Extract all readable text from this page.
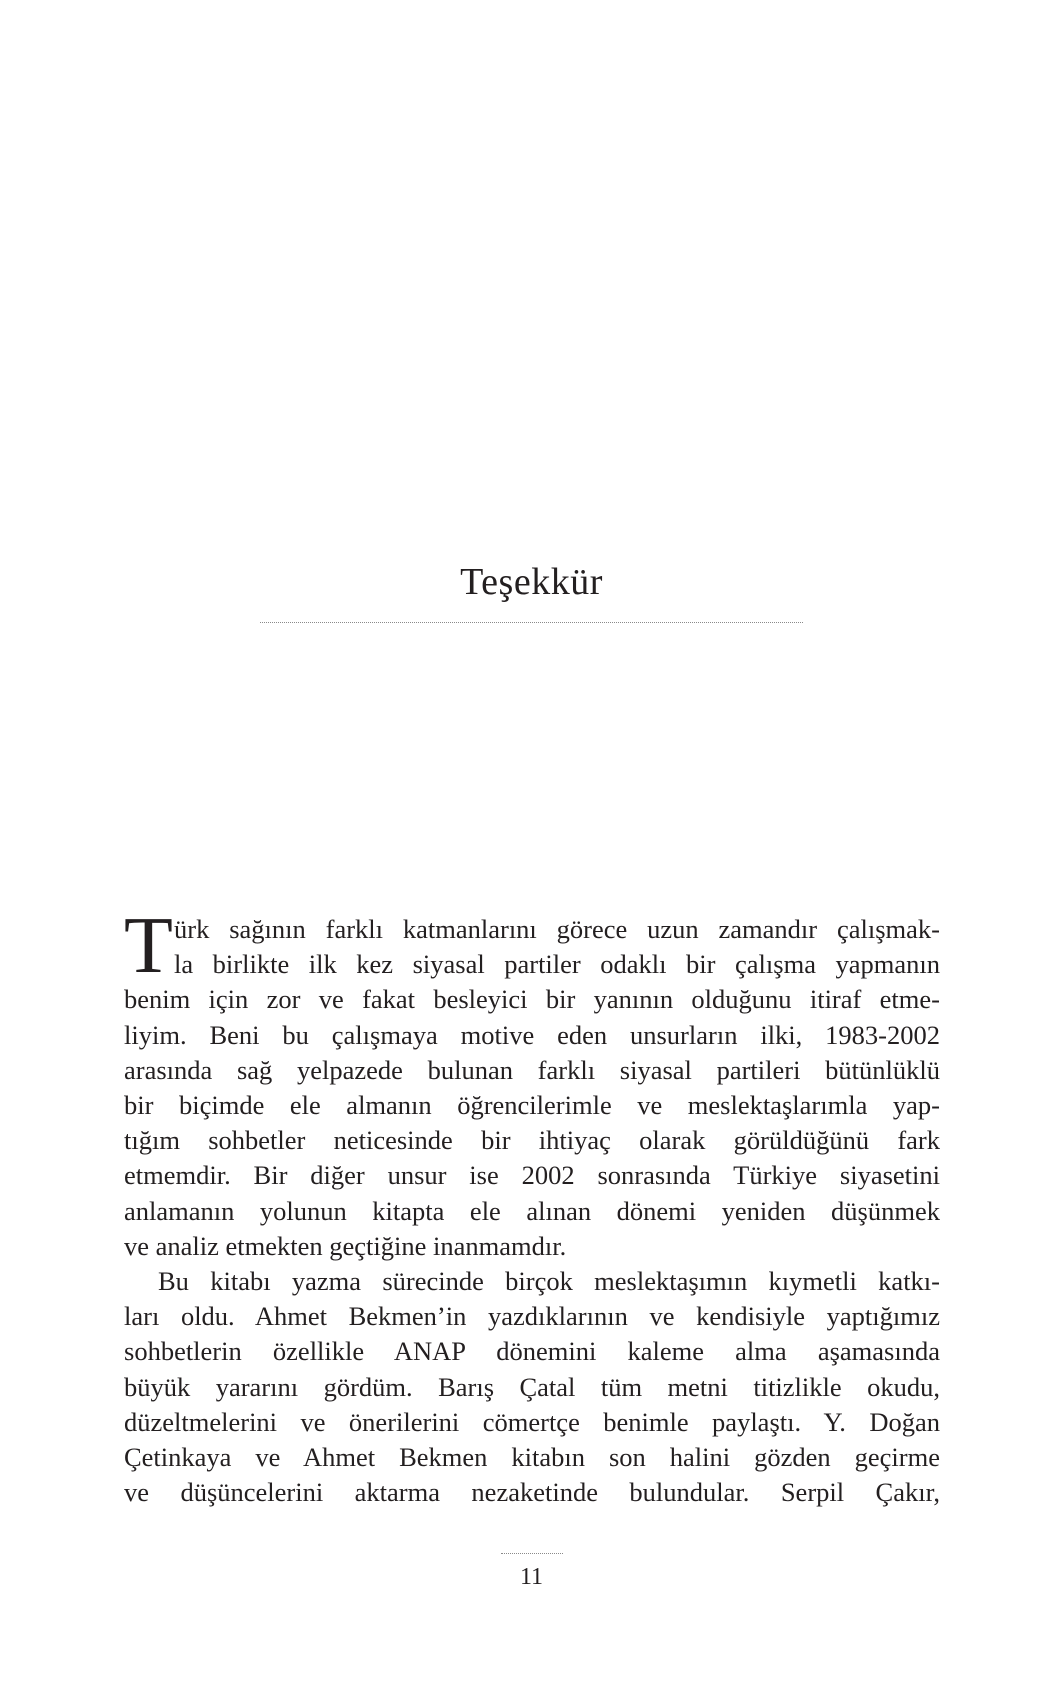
Teşekkür
T ürk sağının farklı katmanlarını görece uzun zamandır çalışmak-
la birlikte ilk kez siyasal partiler odaklı bir çalışma yapmanın
benim için zor ve fakat besleyici bir yanının olduğunu itiraf etme-
liyim. Beni bu çalışmaya motive eden unsurların ilki, 1983-2002
arasında sağ yelpazede bulunan farklı siyasal partileri bütünlüklü
bir biçimde ele almanın öğrencilerimle ve meslektaşlarımla yap-
tığım sohbetler neticesinde bir ihtiyaç olarak görüldüğünü fark
etmemdir. Bir diğer unsur ise 2002 sonrasında Türkiye siyasetini
anlamanın yolunun kitapta ele alınan dönemi yeniden düşünmek
ve analiz etmekten geçtiğine inanmamdır.

Bu kitabı yazma sürecinde birçok meslektaşımın kıymetli katkı-
ları oldu. Ahmet Bekmen’in yazdıklarının ve kendisiyle yaptığımız
sohbetlerin özellikle ANAP dönemini kaleme alma aşamasında
büyük yararını gördüm. Barış Çatal tüm metni titizlikle okudu,
düzeltmelerini ve önerilerini cömertçe benimle paylaştı. Y. Doğan
Çetinkaya ve Ahmet Bekmen kitabın son halini gözden geçirme
ve düşüncelerini aktarma nezaketinde bulundular. Serpil Çakır,

11
